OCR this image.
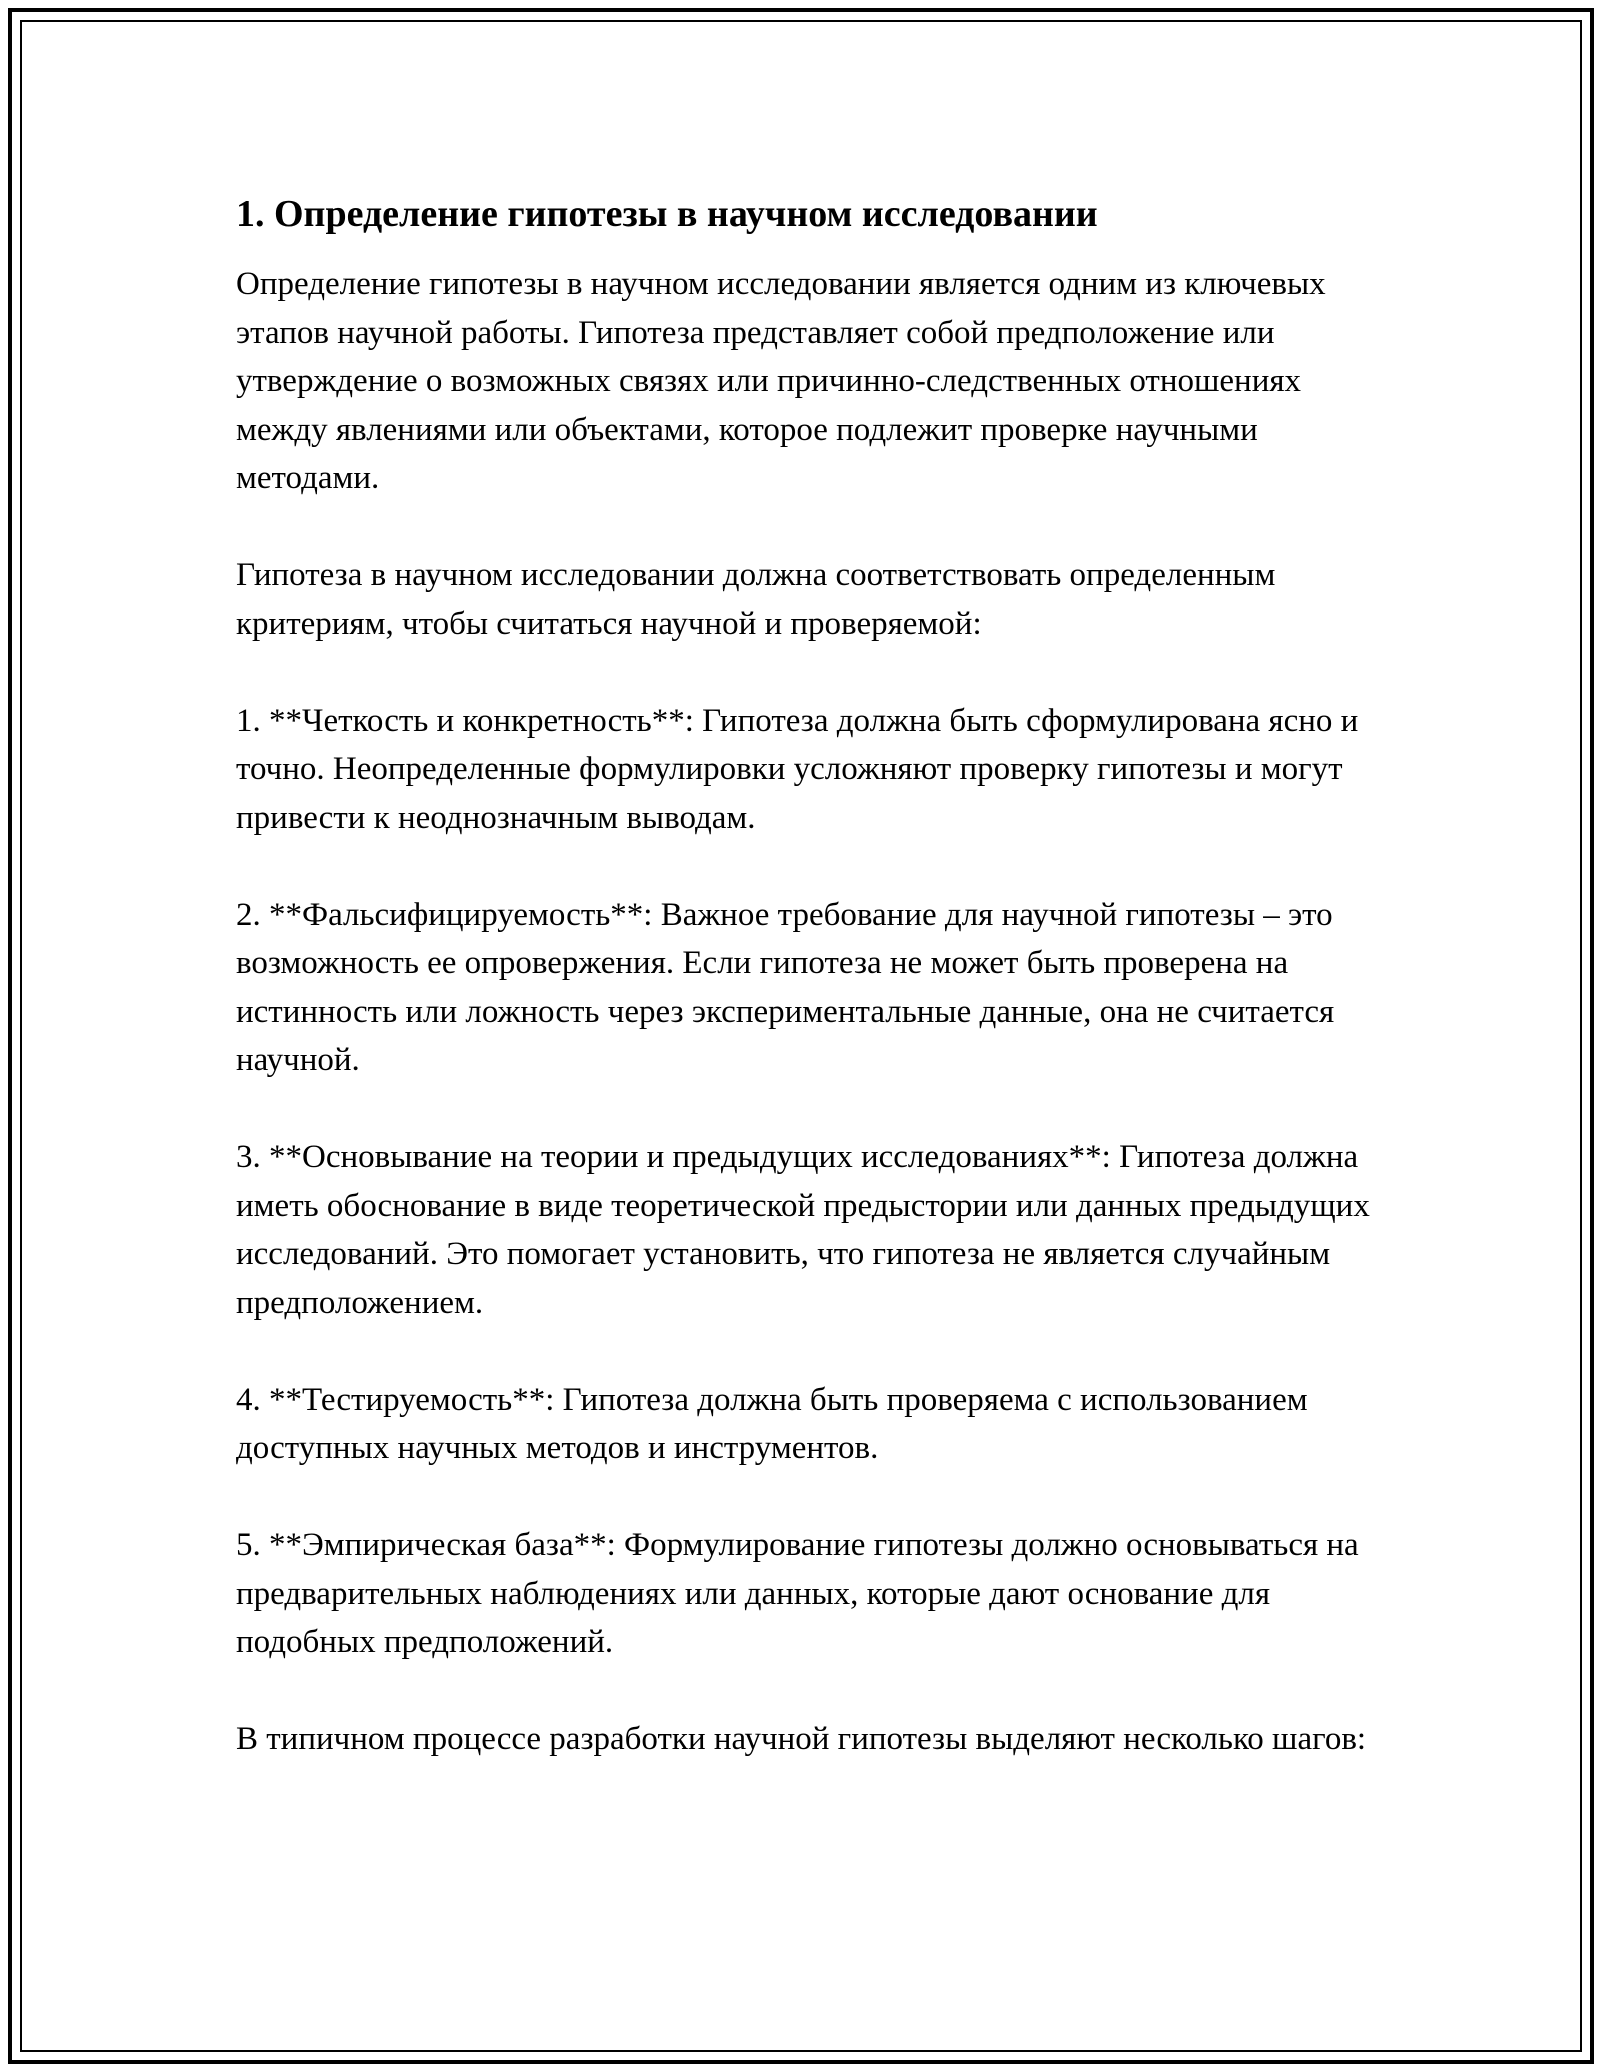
1. Определение гипотезы в научном исследовании

Определение гипотезы в научном исследовании является одним из ключевых этапов научной работы. Гипотеза представляет собой предположение или утверждение о возможных связях или причинно-следственных отношениях между явлениями или объектами, которое подлежит проверке научными методами.

Гипотеза в научном исследовании должна соответствовать определенным критериям, чтобы считаться научной и проверяемой:

1. **Четкость и конкретность**: Гипотеза должна быть сформулирована ясно и точно. Неопределенные формулировки усложняют проверку гипотезы и могут привести к неоднозначным выводам.

2. **Фальсифицируемость**: Важное требование для научной гипотезы – это возможность ее опровержения. Если гипотеза не может быть проверена на истинность или ложность через экспериментальные данные, она не считается научной.

3. **Основывание на теории и предыдущих исследованиях**: Гипотеза должна иметь обоснование в виде теоретической предыстории или данных предыдущих исследований. Это помогает установить, что гипотеза не является случайным предположением.

4. **Тестируемость**: Гипотеза должна быть проверяема с использованием доступных научных методов и инструментов.

5. **Эмпирическая база**: Формулирование гипотезы должно основываться на предварительных наблюдениях или данных, которые дают основание для подобных предположений.

В типичном процессе разработки научной гипотезы выделяют несколько шагов:
